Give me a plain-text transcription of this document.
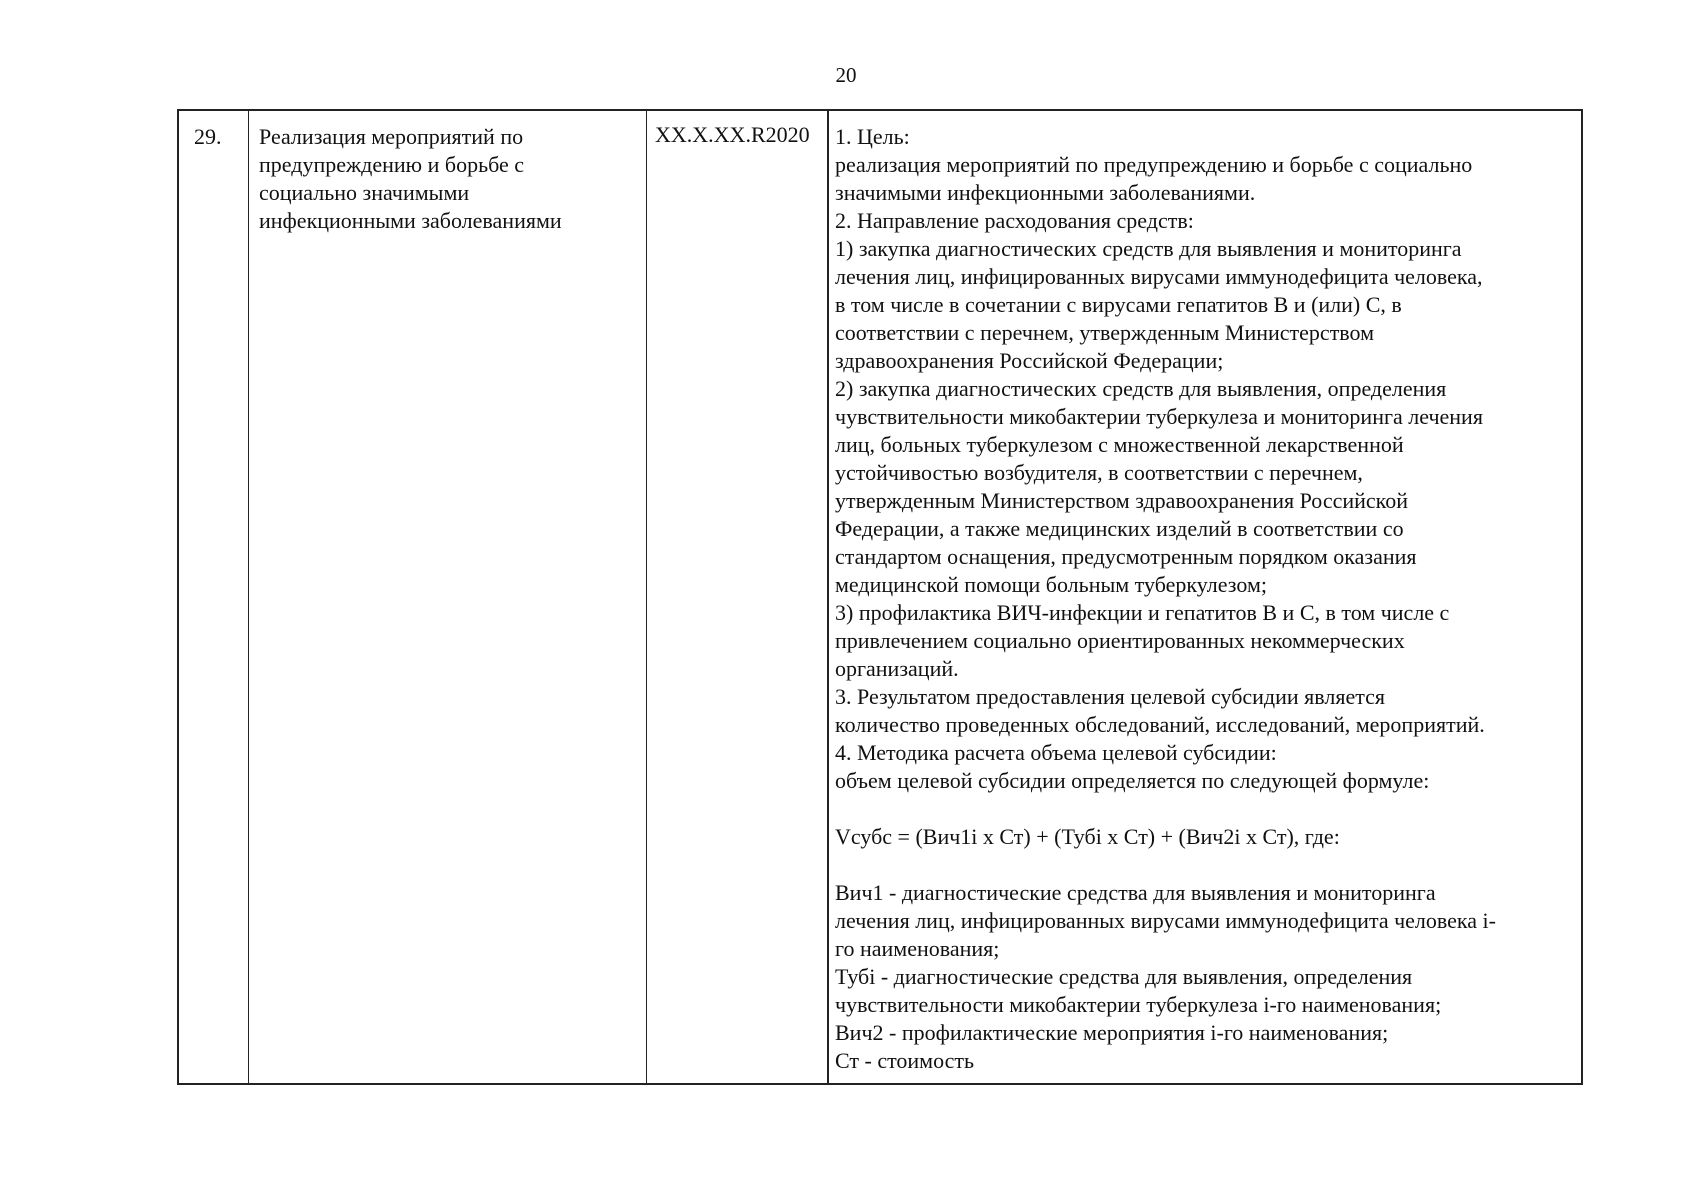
20
29. Реализация мероприятий по
предупреждению и борьбе с
социально значимыми
инфекционными заболеваниями
XX.X.XX.R2020 1. Цель:
реализация мероприятий по предупреждению и борьбе с социально
значимыми инфекционными заболеваниями.
2. Направление расходования средств:
1) закупка диагностических средств для выявления и мониторинга
лечения лиц, инфицированных вирусами иммунодефицита человека,
в том числе в сочетании с вирусами гепатитов В и (или) С, в
соответствии с перечнем, утвержденным Министерством
здравоохранения Российской Федерации;
2) закупка диагностических средств для выявления, определения
чувствительности микобактерии туберкулеза и мониторинга лечения
лиц, больных туберкулезом с множественной лекарственной
устойчивостью возбудителя, в соответствии с перечнем,
утвержденным Министерством здравоохранения Российской
Федерации, а также медицинских изделий в соответствии со
стандартом оснащения, предусмотренным порядком оказания
медицинской помощи больным туберкулезом;
3) профилактика ВИЧ-инфекции и гепатитов В и С, в том числе с
привлечением социально ориентированных некоммерческих
организаций.
3. Результатом предоставления целевой субсидии является
количество проведенных обследований, исследований, мероприятий.
4. Методика расчета объема целевой субсидии:
объем целевой субсидии определяется по следующей формуле:
Vсубс = (Вич1i x Ст) + (Тубi x Ст) + (Вич2i x Ст), где:
Вич1 - диагностические средства для выявления и мониторинга
лечения лиц, инфицированных вирусами иммунодефицита человека i-
го наименования;
Тубi - диагностические средства для выявления, определения
чувствительности микобактерии туберкулеза i-го наименования;
Вич2 - профилактические мероприятия i-го наименования;
Ст - стоимость
